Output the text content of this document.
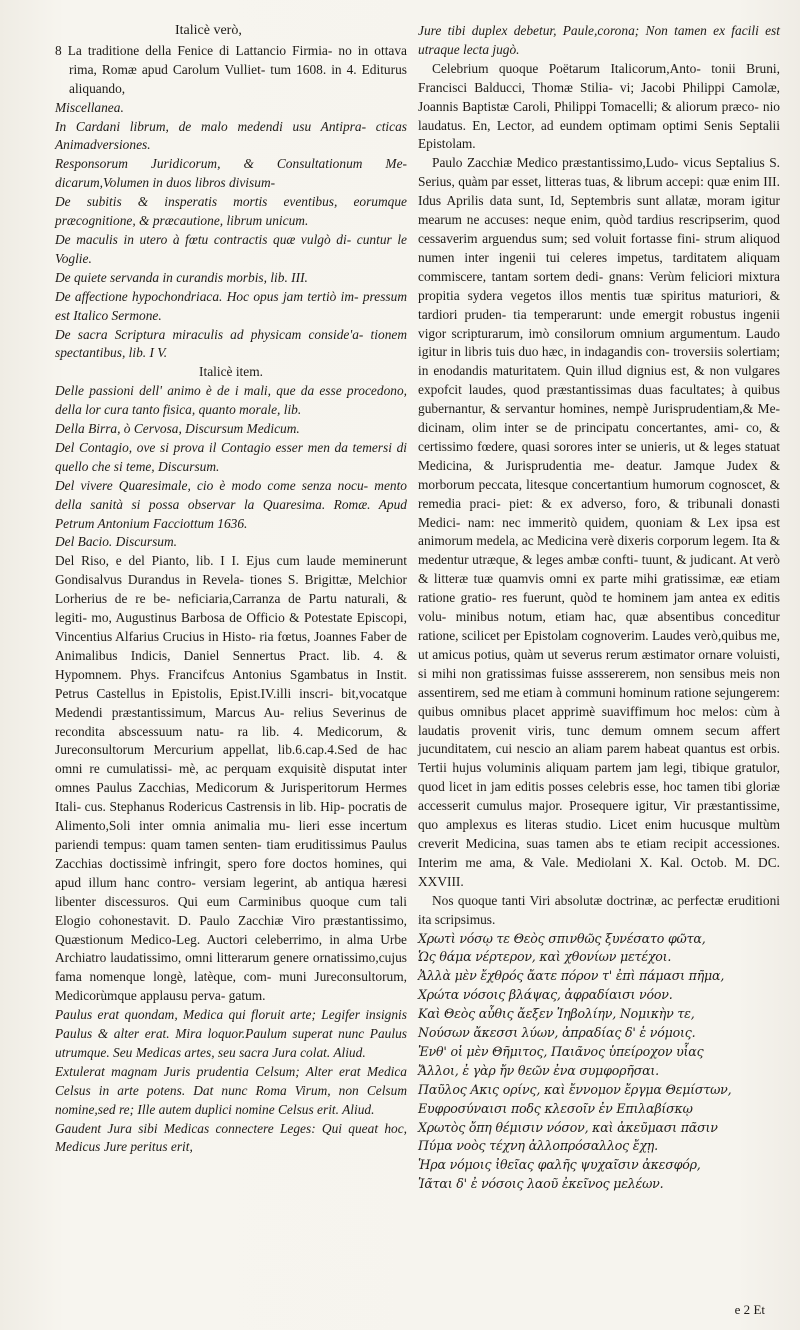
Italicè verò,

8 La traditione della Fenice di Lattancio Firmia- no in ottava rima, Romæ apud Carolum Vulliet- tum 1608. in 4. Editurus aliquando,

Miscellanea.

In Cardani librum, de malo medendi usu Antipra- cticas Animadversiones.

Responsorum Juridicorum, & Consultationum Me- dicarum,Volumen in duos libros divisum-

De subitis & insperatis mortis eventibus, eorumque præcognitione, & præcautione, librum unicum.

De maculis in utero à fœtu contractis quæ vulgò di- cuntur le Voglie.

De quiete servanda in curandis morbis, lib. III.

De affectione hypochondriaca. Hoc opus jam tertiò im- pressum est Italico Sermone.

De sacra Scriptura miraculis ad physicam conside'a- tionem spectantibus, lib. I V.

Italicè item.

Delle passioni dell' animo è de i mali, que da esse procedono, della lor cura tanto fisica, quanto morale, lib.

Della Birra, ò Cervosa, Discursum Medicum.

Del Contagio, ove si prova il Contagio esser men da temersi di quello che si teme, Discursum.

Del vivere Quaresimale, cio è modo come senza nocu- mento della sanità si possa observar la Quaresima. Romæ. Apud Petrum Antonium Facciottum 1636.

Del Bacio. Discursum.

Del Riso, e del Pianto, lib. I I. Ejus cum laude meminerunt Gondisalvus Durandus in Revela- tiones S. Brigittæ, Melchior Lorherius de re be- neficiaria,Carranza de Partu naturali, & legiti- mo, Augustinus Barbosa de Officio & Potestate Episcopi, Vincentius Alfarius Crucius in Histo- ria fœtus, Joannes Faber de Animalibus Indicis, Daniel Sennertus Pract. lib. 4. & Hypomnem. Phys. Francifcus Antonius Sgambatus in Instit. Petrus Castellus in Epistolis, Epist.IV.illi inscri- bit,vocatque Medendi præstantissimum, Marcus Au- relius Severinus de recondita abscessuum natu- ra lib. 4. Medicorum, & Jureconsultorum Mercurium appellat, lib.6.cap.4.Sed de hac omni re cumulatissi- mè, ac perquam exquisitè disputat inter omnes Paulus Zacchias, Medicorum & Jurisperitorum Hermes Itali- cus. Stephanus Rodericus Castrensis in lib. Hip- pocratis de Alimento,Soli inter omnia animalia mu- lieri esse incertum pariendi tempus: quam tamen senten- tiam eruditissimus Paulus Zacchias doctissimè infringit, spero fore doctos homines, qui apud illum hanc contro- versiam legerint, ab antiqua hæresi libenter discessuros. Qui eum Carminibus quoque cum tali Elogio cohonestavit. D. Paulo Zacchiæ Viro præstantissimo, Quæstionum Medico-Leg. Auctori celeberrimo, in alma Urbe Archiatro laudatissimo, omni litterarum genere ornatissimo,cujus fama nomenque longè, latèque, com- muni Jureconsultorum, Medicorùmque applausu perva- gatum.

Paulus erat quondam, Medica qui floruit arte; Legifer insignis Paulus & alter erat. Mira loquor.Paulum superat nunc Paulus utrumque. Seu Medicas artes, seu sacra Jura colat. Aliud.

Extulerat magnam Juris prudentia Celsum; Alter erat Medica Celsus in arte potens. Dat nunc Roma Virum, non Celsum nomine,sed re; Ille autem duplici nomine Celsus erit. Aliud.

Gaudent Jura sibi Medicas connectere Leges: Qui queat hoc, Medicus Jure peritus erit,

Jure tibi duplex debetur, Paule,corona; Non tamen ex facili est utraque lecta jugò.

Celebrium quoque Poëtarum Italicorum,Anto- tonii Bruni, Francisci Balducci, Thomæ Stilia- vi; Jacobi Philippi Camolæ, Joannis Baptistæ Caroli, Philippi Tomacelli; & aliorum præco- nio laudatus. En, Lector, ad eundem optimam optimi Senis Septalii Epistolam.

Paulo Zacchiæ Medico præstantissimo,Ludo- vicus Septalius S. Serius, quàm par esset, litteras tuas, & librum accepi: quæ enim III. Idus Aprilis data sunt, Id, Septembris sunt allatæ, moram igitur mearum ne accuses: neque enim, quòd tardius rescripserim, quod cessaverim arguendus sum; sed voluit fortasse fini- strum aliquod numen inter ingenii tui celeres impetus, tarditatem aliquam commiscere, tantam sortem dedi- gnans: Verùm feliciori mixtura propitia sydera vegetos illos mentis tuæ spiritus maturiori, & tardiori pruden- tia temperarunt: unde emergit robustus ingenii vigor scripturarum, imò consilorum omnium argumentum. Laudo igitur in libris tuis duo hæc, in indagandis con- troversiis solertiam; in enodandis maturitatem. Quin illud dignius est, & non vulgares expofcit laudes, quod præstantissimas duas facultates; à quibus gubernantur, & servantur homines, nempè Jurisprudentiam,& Me- dicinam, olim inter se de principatu concertantes, ami- co, & certissimo fœdere, quasi sorores inter se unieris, ut & leges statuat Medicina, & Jurisprudentia me- deatur. Jamque Judex & morborum peccata, litesque concertantium humorum cognoscet, & remedia praci- piet: & ex adverso, foro, & tribunali donasti Medici- nam: nec immeritò quidem, quoniam & Lex ipsa est animorum medela, ac Medicina verè dixeris corporum legem. Ita & medentur utræque, & leges ambæ confti- tuunt, & judicant. At verò & litteræ tuæ quamvis omni ex parte mihi gratissimæ, eæ etiam ratione gratio- res fuerunt, quòd te hominem jam antea ex editis volu- minibus notum, etiam hac, quæ absentibus conceditur ratione, scilicet per Epistolam cognoverim. Laudes verò,quibus me, ut amicus potius, quàm ut severus rerum æstimator ornare voluisti, si mihi non gratissimas fuisse asssererem, non sensibus meis non assentirem, sed me etiam à communi hominum ratione sejungerem: quibus omnibus placet apprimè suaviffimum hoc melos: cùm à laudatis provenit viris, tunc demum omnem secum affert jucunditatem, cui nescio an aliam parem habeat quantus est orbis. Tertii hujus voluminis aliquam partem jam legi, tibique gratulor, quod licet in jam editis posses celebris esse, hoc tamen tibi gloriæ accesserit cumulus major. Prosequere igitur, Vir præstantissime, quo amplexus es literas studio. Licet enim hucusque multùm creverit Medicina, suas tamen abs te etiam recipit accessiones. Interim me ama, & Vale. Mediolani X. Kal. Octob. M. DC. XXVIII.

Nos quoque tanti Viri absolutæ doctrinæ, ac perfectæ eruditioni ita scripsimus.

Χρωτὶ νόσῳ τε Θεὸς σπινθῶς ξυνέσατο φῶτα,
Ὡς θάμα νέρτερον, καὶ χθονίων μετέχοι.
Ἀλλὰ μὲν ἔχθρός ἄατε πόρον τ' ἐπὶ πάμασι πῆμα,
Χρώτα νόσοις βλάψας, ἀφραδίαισι νόον.
Καὶ Θεὸς αὖθις ἄεξεν Ἰηβολίην, Νομικὴν τε,
Νούσων ἄκεσσι λύων, ἀπραδίας δ' ἑ νόμοις.
Ἐνθ' οἱ μὲν Θῆμιτος, Παιᾶνος ὑπείροχον υἷας
Ἄλλοι, ἐ γὰρ ἤν θεῶν ἐνα συμφορῆσαι.
Παῦλος Ακις ορίνς, καὶ ἔννομον ἔργμα Θεμίστων,
Ευφροσύναισι ποδς κλεσοῖν ἐν Επιλαβίσκῳ
Χρωτὸς ὄπη θέμισιν νόσον, καὶ ἀκεῦμασι πᾶσιν
Πύμα νοὸς τέχνη ἀλλοπρόσαλλος ἔχῃ.
Ἡρα νόμοις ἰθεῖας φαλῆς ψυχαῖσιν ἀκεσφόρ,
Ἰᾶται δ' ἐ νόσοις λαοῦ ἐκεῖνος μελέων.
e 2 Et
